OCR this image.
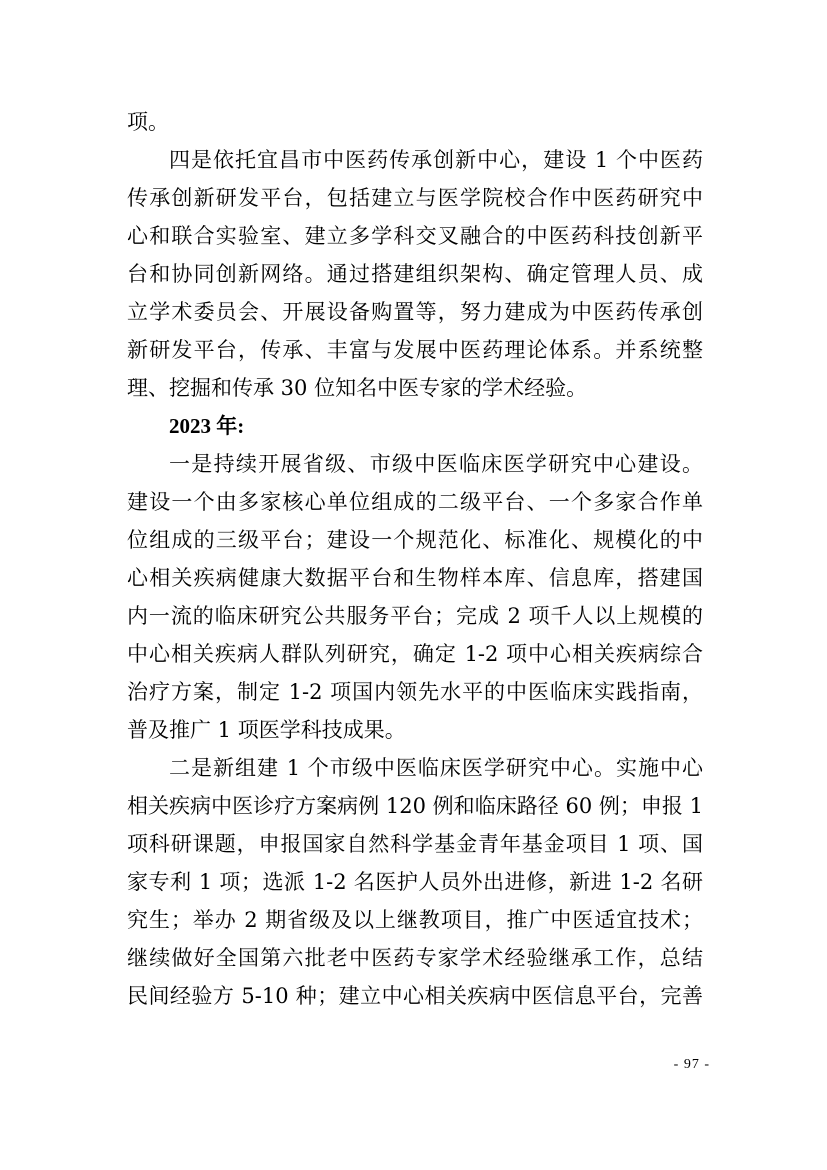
项。
四是依托宜昌市中医药传承创新中心，建设 1 个中医药
传承创新研发平台，包括建立与医学院校合作中医药研究中
心和联合实验室、建立多学科交叉融合的中医药科技创新平
台和协同创新网络。通过搭建组织架构、确定管理人员、成
立学术委员会、开展设备购置等，努力建成为中医药传承创
新研发平台，传承、丰富与发展中医药理论体系。并系统整
理、挖掘和传承 30 位知名中医专家的学术经验。
2023 年:
一是持续开展省级、市级中医临床医学研究中心建设。
建设一个由多家核心单位组成的二级平台、一个多家合作单
位组成的三级平台；建设一个规范化、标准化、规模化的中
心相关疾病健康大数据平台和生物样本库、信息库，搭建国
内一流的临床研究公共服务平台；完成 2 项千人以上规模的
中心相关疾病人群队列研究，确定 1-2 项中心相关疾病综合
治疗方案，制定 1-2 项国内领先水平的中医临床实践指南，
普及推广 1 项医学科技成果。
二是新组建 1 个市级中医临床医学研究中心。实施中心
相关疾病中医诊疗方案病例 120 例和临床路径 60 例；申报 1
项科研课题，申报国家自然科学基金青年基金项目 1 项、国
家专利 1 项；选派 1-2 名医护人员外出进修，新进 1-2 名研
究生；举办 2 期省级及以上继教项目，推广中医适宜技术；
继续做好全国第六批老中医药专家学术经验继承工作，总结
民间经验方 5-10 种；建立中心相关疾病中医信息平台，完善
- 97 -
